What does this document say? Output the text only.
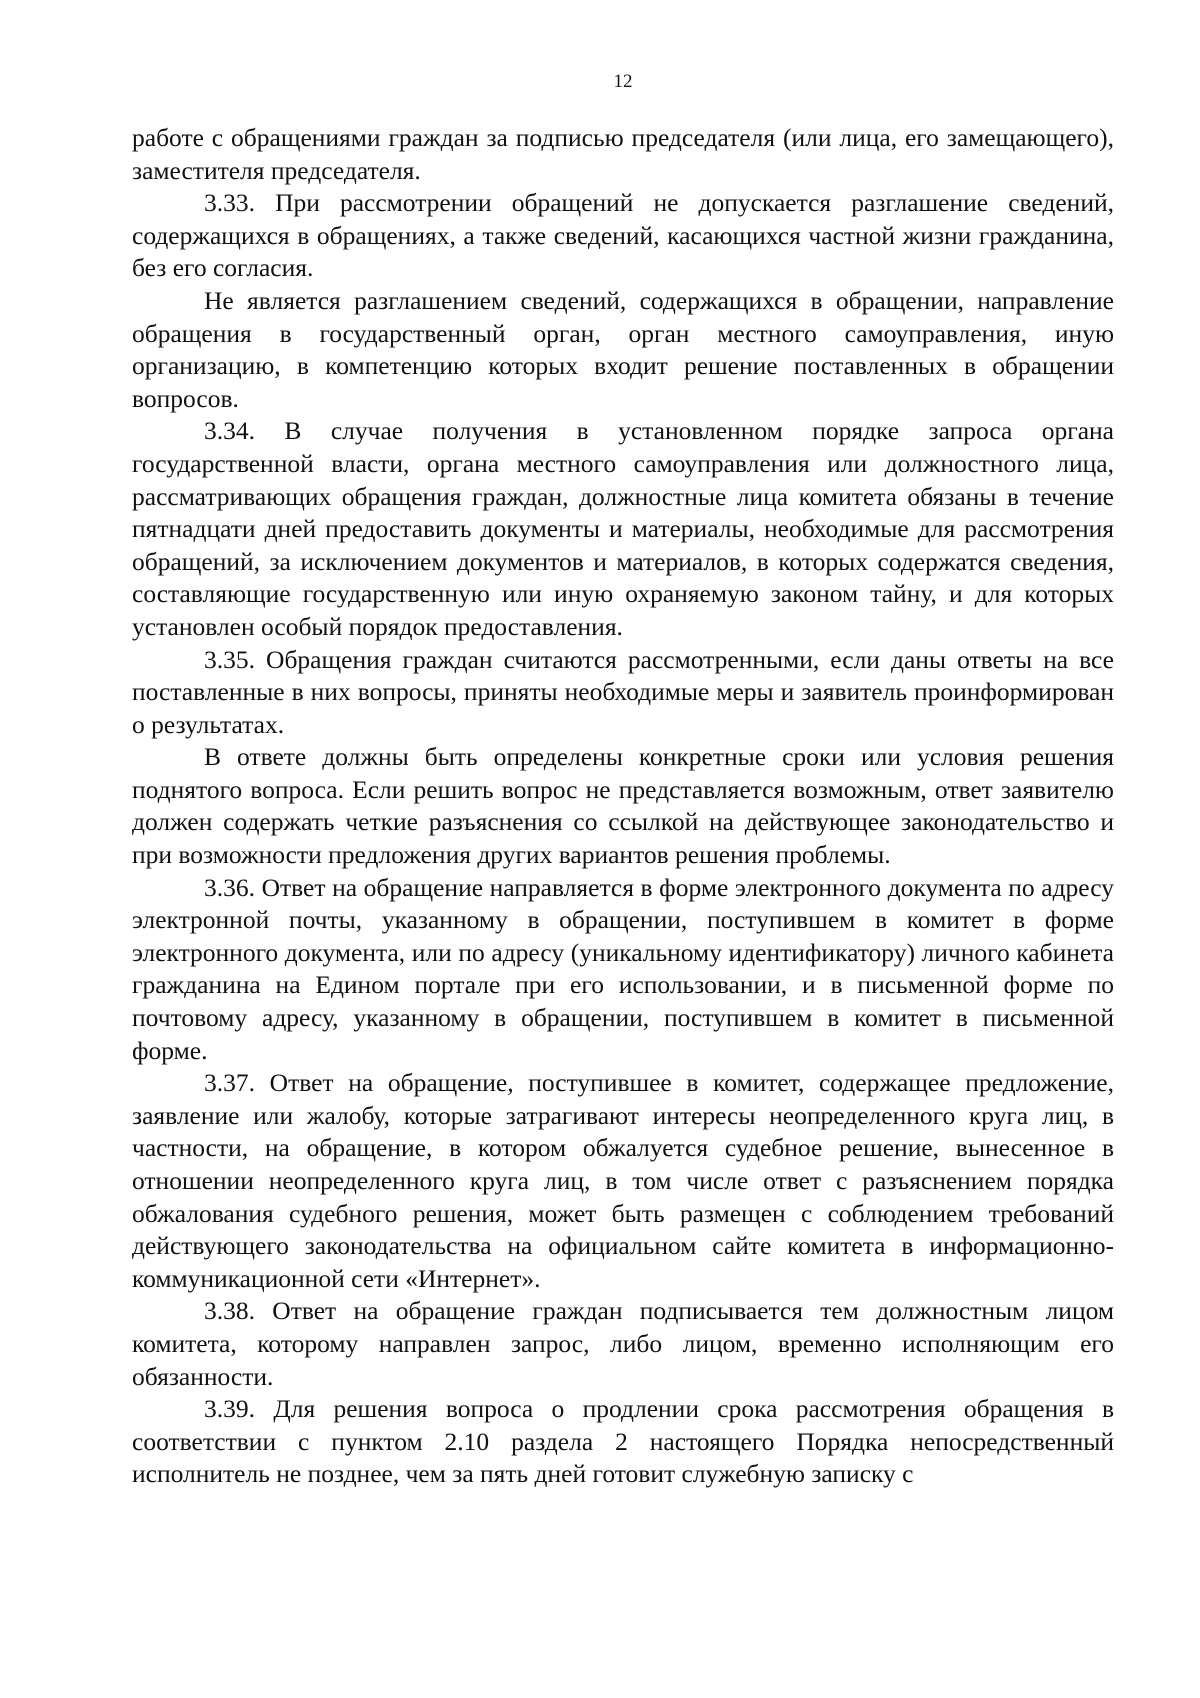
12

работе с обращениями граждан за подписью председателя (или лица, его замещающего), заместителя председателя.

3.33. При рассмотрении обращений не допускается разглашение сведений, содержащихся в обращениях, а также сведений, касающихся частной жизни гражданина, без его согласия.

Не является разглашением сведений, содержащихся в обращении, направление обращения в государственный орган, орган местного самоуправления, иную организацию, в компетенцию которых входит решение поставленных в обращении вопросов.

3.34. В случае получения в установленном порядке запроса органа государственной власти, органа местного самоуправления или должностного лица, рассматривающих обращения граждан, должностные лица комитета обязаны в течение пятнадцати дней предоставить документы и материалы, необходимые для рассмотрения обращений, за исключением документов и материалов, в которых содержатся сведения, составляющие государственную или иную охраняемую законом тайну, и для которых установлен особый порядок предоставления.

3.35. Обращения граждан считаются рассмотренными, если даны ответы на все поставленные в них вопросы, приняты необходимые меры и заявитель проинформирован о результатах.

В ответе должны быть определены конкретные сроки или условия решения поднятого вопроса. Если решить вопрос не представляется возможным, ответ заявителю должен содержать четкие разъяснения со ссылкой на действующее законодательство и при возможности предложения других вариантов решения проблемы.

3.36. Ответ на обращение направляется в форме электронного документа по адресу электронной почты, указанному в обращении, поступившем в комитет в форме электронного документа, или по адресу (уникальному идентификатору) личного кабинета гражданина на Едином портале при его использовании, и в письменной форме по почтовому адресу, указанному в обращении, поступившем в комитет в письменной форме.

3.37. Ответ на обращение, поступившее в комитет, содержащее предложение, заявление или жалобу, которые затрагивают интересы неопределенного круга лиц, в частности, на обращение, в котором обжалуется судебное решение, вынесенное в отношении неопределенного круга лиц, в том числе ответ с разъяснением порядка обжалования судебного решения, может быть размещен с соблюдением требований действующего законодательства на официальном сайте комитета в информационно-коммуникационной сети «Интернет».

3.38. Ответ на обращение граждан подписывается тем должностным лицом комитета, которому направлен запрос, либо лицом, временно исполняющим его обязанности.

3.39. Для решения вопроса о продлении срока рассмотрения обращения в соответствии с пунктом 2.10 раздела 2 настоящего Порядка непосредственный исполнитель не позднее, чем за пять дней готовит служебную записку с
